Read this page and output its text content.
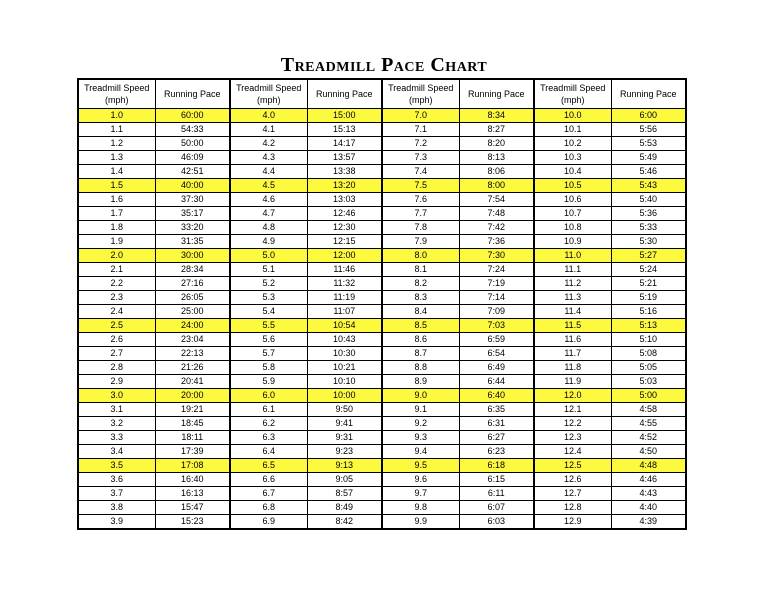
Treadmill Pace Chart
Treadmill Speed (mph)	Running Pace	Treadmill Speed (mph)	Running Pace	Treadmill Speed (mph)	Running Pace	Treadmill Speed (mph)	Running Pace
1.0	60:00	4.0	15:00	7.0	8:34	10.0	6:00
1.1	54:33	4.1	15:13	7.1	8:27	10.1	5:56
1.2	50:00	4.2	14:17	7.2	8:20	10.2	5:53
1.3	46:09	4.3	13:57	7.3	8:13	10.3	5:49
1.4	42:51	4.4	13:38	7.4	8:06	10.4	5:46
1.5	40:00	4.5	13:20	7.5	8:00	10.5	5:43
1.6	37:30	4.6	13:03	7.6	7:54	10.6	5:40
1.7	35:17	4.7	12:46	7.7	7:48	10.7	5:36
1.8	33:20	4.8	12:30	7.8	7:42	10.8	5:33
1.9	31:35	4.9	12:15	7.9	7:36	10.9	5:30
2.0	30:00	5.0	12:00	8.0	7:30	11.0	5:27
2.1	28:34	5.1	11:46	8.1	7:24	11.1	5:24
2.2	27:16	5.2	11:32	8.2	7:19	11.2	5:21
2.3	26:05	5.3	11:19	8.3	7:14	11.3	5:19
2.4	25:00	5.4	11:07	8.4	7:09	11.4	5:16
2.5	24:00	5.5	10:54	8.5	7:03	11.5	5:13
2.6	23:04	5.6	10:43	8.6	6:59	11.6	5:10
2.7	22:13	5.7	10:30	8.7	6:54	11.7	5:08
2.8	21:26	5.8	10:21	8.8	6:49	11.8	5:05
2.9	20:41	5.9	10:10	8.9	6:44	11.9	5:03
3.0	20:00	6.0	10:00	9.0	6:40	12.0	5:00
3.1	19:21	6.1	9:50	9.1	6:35	12.1	4:58
3.2	18:45	6.2	9:41	9.2	6:31	12.2	4:55
3.3	18:11	6.3	9:31	9.3	6:27	12.3	4:52
3.4	17:39	6.4	9:23	9.4	6:23	12.4	4:50
3.5	17:08	6.5	9:13	9.5	6:18	12.5	4:48
3.6	16:40	6.6	9:05	9.6	6:15	12.6	4:46
3.7	16:13	6.7	8:57	9.7	6:11	12.7	4:43
3.8	15:47	6.8	8:49	9.8	6:07	12.8	4:40
3.9	15:23	6.9	8:42	9.9	6:03	12.9	4:39
